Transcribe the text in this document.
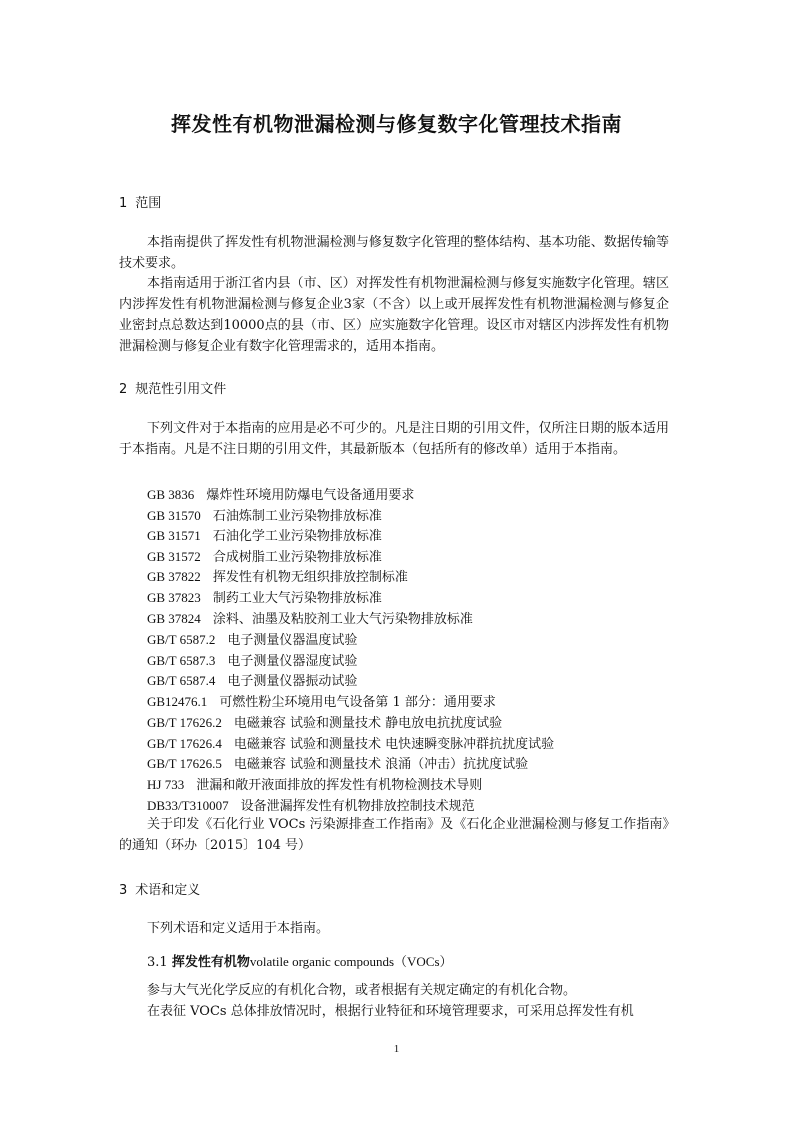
挥发性有机物泄漏检测与修复数字化管理技术指南
1 范围

本指南提供了挥发性有机物泄漏检测与修复数字化管理的整体结构、基本功能、数据传输等技术要求。

本指南适用于浙江省内县（市、区）对挥发性有机物泄漏检测与修复实施数字化管理。辖区内涉挥发性有机物泄漏检测与修复企业3家（不含）以上或开展挥发性有机物泄漏检测与修复企业密封点总数达到10000点的县（市、区）应实施数字化管理。设区市对辖区内涉挥发性有机物泄漏检测与修复企业有数字化管理需求的，适用本指南。

2 规范性引用文件

下列文件对于本指南的应用是必不可少的。凡是注日期的引用文件，仅所注日期的版本适用于本指南。凡是不注日期的引用文件，其最新版本（包括所有的修改单）适用于本指南。

GB 3836 爆炸性环境用防爆电气设备通用要求
GB 31570 石油炼制工业污染物排放标准
GB 31571 石油化学工业污染物排放标准
GB 31572 合成树脂工业污染物排放标准
GB 37822 挥发性有机物无组织排放控制标准
GB 37823 制药工业大气污染物排放标准
GB 37824 涂料、油墨及粘胶剂工业大气污染物排放标准
GB/T 6587.2 电子测量仪器温度试验
GB/T 6587.3 电子测量仪器湿度试验
GB/T 6587.4 电子测量仪器振动试验
GB12476.1 可燃性粉尘环境用电气设备第 1 部分：通用要求
GB/T 17626.2 电磁兼容 试验和测量技术 静电放电抗扰度试验
GB/T 17626.4 电磁兼容 试验和测量技术 电快速瞬变脉冲群抗扰度试验
GB/T 17626.5 电磁兼容 试验和测量技术 浪涌（冲击）抗扰度试验
HJ 733 泄漏和敞开液面排放的挥发性有机物检测技术导则
DB33/T310007 设备泄漏挥发性有机物排放控制技术规范

关于印发《石化行业 VOCs 污染源排查工作指南》及《石化企业泄漏检测与修复工作指南》的通知（环办〔2015〕104 号）

3 术语和定义

下列术语和定义适用于本指南。

3.1 挥发性有机物volatile organic compounds（VOCs）

参与大气光化学反应的有机化合物，或者根据有关规定确定的有机化合物。

在表征 VOCs 总体排放情况时，根据行业特征和环境管理要求，可采用总挥发性有机

1
